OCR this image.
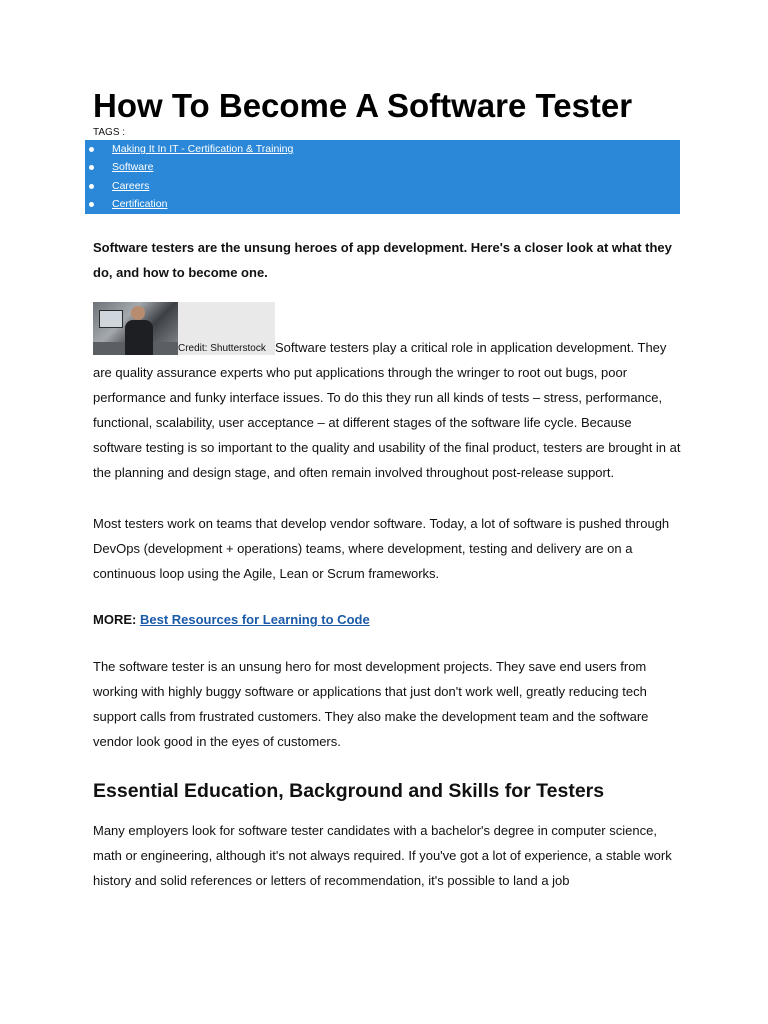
How To Become A Software Tester
TAGS :
Making It In IT - Certification & Training
Software
Careers
Certification

Software testers are the unsung heroes of app development. Here's a closer look at what they do, and how to become one.

Credit: Shutterstock Software testers play a critical role in application development. They are quality assurance experts who put applications through the wringer to root out bugs, poor performance and funky interface issues. To do this they run all kinds of tests – stress, performance, functional, scalability, user acceptance – at different stages of the software life cycle. Because software testing is so important to the quality and usability of the final product, testers are brought in at the planning and design stage, and often remain involved throughout post-release support.

Most testers work on teams that develop vendor software. Today, a lot of software is pushed through DevOps (development + operations) teams, where development, testing and delivery are on a continuous loop using the Agile, Lean or Scrum frameworks.

MORE: Best Resources for Learning to Code

The software tester is an unsung hero for most development projects. They save end users from working with highly buggy software or applications that just don't work well, greatly reducing tech support calls from frustrated customers. They also make the development team and the software vendor look good in the eyes of customers.

Essential Education, Background and Skills for Testers

Many employers look for software tester candidates with a bachelor's degree in computer science, math or engineering, although it's not always required. If you've got a lot of experience, a stable work history and solid references or letters of recommendation, it's possible to land a job
